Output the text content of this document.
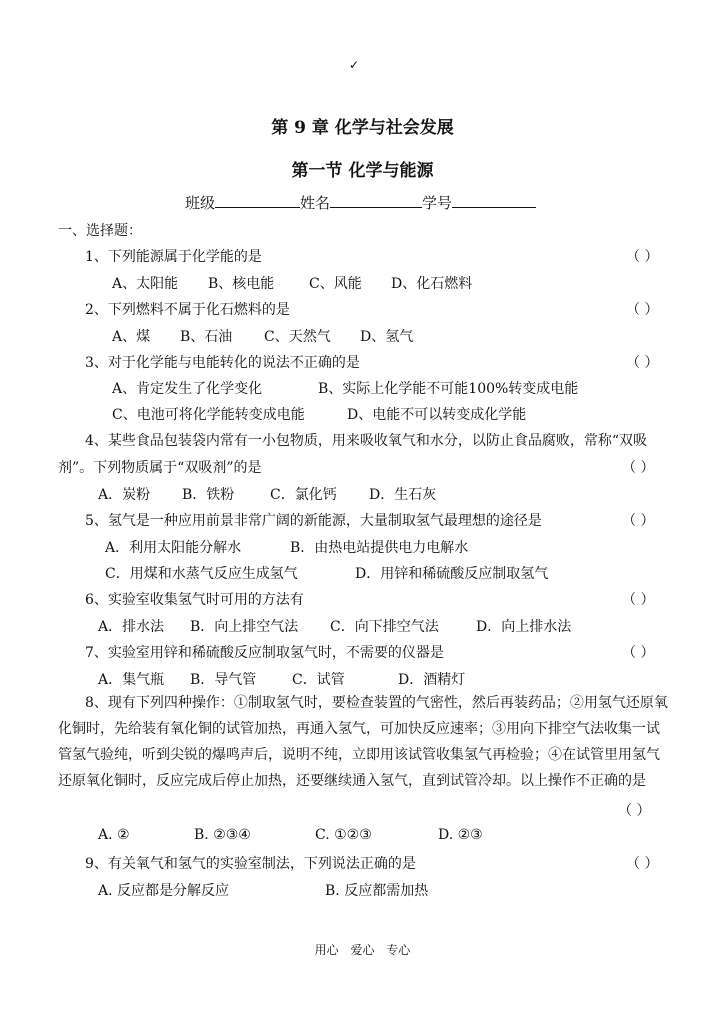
✓
第 9 章 化学与社会发展
第一节 化学与能源
班级	姓名	学号
一、选择题：
1、下列能源属于化学能的是	（ ）
A、太阳能 B、核电能 C、风能 D、化石燃料
2、下列燃料不属于化石燃料的是	（ ）
A、煤 B、石油 C、天然气 D、氢气
3、对于化学能与电能转化的说法不正确的是	（ ）
A、肯定发生了化学变化	B、实际上化学能不可能100%转变成电能
C、电池可将化学能转变成电能	D、电能不可以转变成化学能
4、某些食品包装袋内常有一小包物质，用来吸收氧气和水分，以防止食品腐败，常称“双吸
剂”。下列物质属于“双吸剂”的是	（ ）
A．炭粉 B．铁粉	C．氯化钙 D．生石灰
5、氢气是一种应用前景非常广阔的新能源，大量制取氢气最理想的途径是	（ ）
A．利用太阳能分解水	B．由热电站提供电力电解水
C．用煤和水蒸气反应生成氢气	D．用锌和稀硫酸反应制取氢气
6、实验室收集氢气时可用的方法有	（ ）
A．排水法 B．向上排空气法 C．向下排空气法	D．向上排水法
7、实验室用锌和稀硫酸反应制取氢气时，不需要的仪器是	（ ）
A．集气瓶 B．导气管	C．试管	D．酒精灯
8、现有下列四种操作：①制取氢气时，要检查装置的气密性，然后再装药品；②用氢气还原氧化铜时，先给装有氧化铜的试管加热，再通入氢气，可加快反应速率；③用向下排空气法收集一试管氢气验纯，听到尖锐的爆鸣声后，说明不纯，立即用该试管收集氢气再检验；④在试管里用氢气还原氧化铜时，反应完成后停止加热，还要继续通入氢气，直到试管冷却。以上操作不正确的是
（ ）
A. ②	B. ②③④	C. ①②③	D. ②③
9、有关氧气和氢气的实验室制法，下列说法正确的是	（ ）
A. 反应都是分解反应	B. 反应都需加热
用心 爱心 专心
